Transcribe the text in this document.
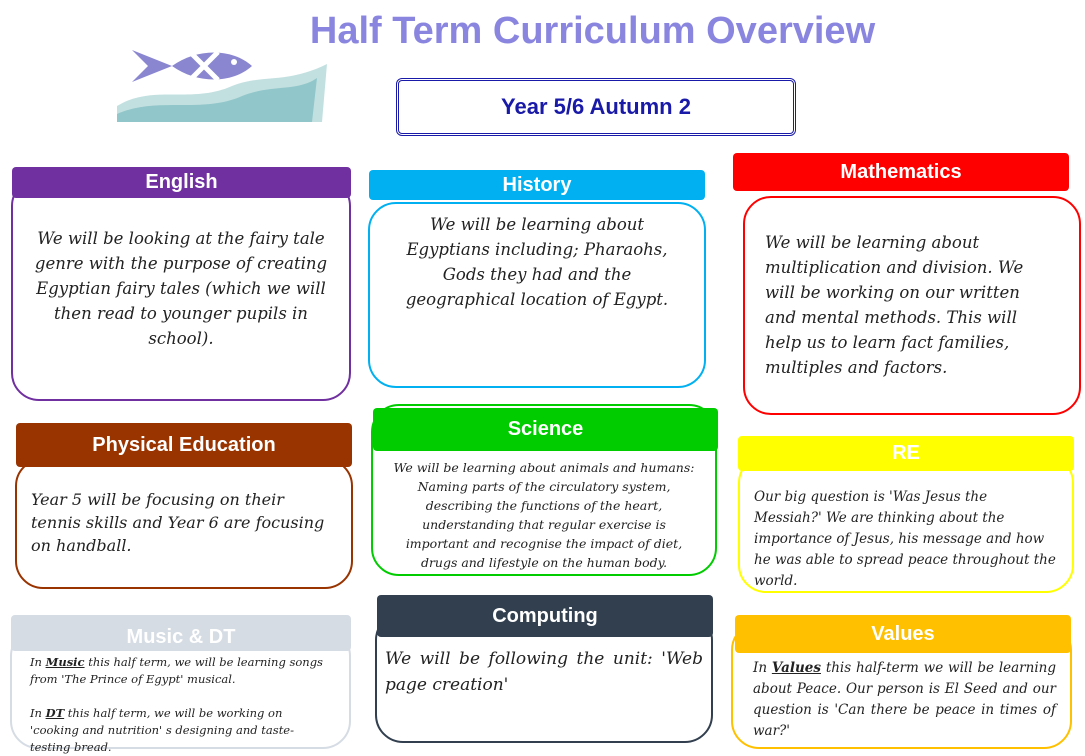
Half Term Curriculum Overview
Year 5/6 Autumn 2

We will be looking at the fairy tale genre with the purpose of creating Egyptian fairy tales (which we will then read to younger pupils in school).

English

We will be learning about Egyptians including; Pharaohs, Gods they had and the geographical location of Egypt.

History

We will be learning about multiplication and division. We will be working on our written and mental methods. This will help us to learn fact families, multiples and factors.

Mathematics

Year 5 will be focusing on their tennis skills and Year 6 are focusing on handball.

Physical Education

We will be learning about animals and humans: Naming parts of the circulatory system, describing the functions of the heart, understanding that regular exercise is important and recognise the impact of diet, drugs and lifestyle on the human body.

Science

Our big question is 'Was Jesus the Messiah?' We are thinking about the importance of Jesus, his message and how he was able to spread peace throughout the world.

RE

In Music this half term, we will be learning songs from 'The Prince of Egypt' musical.

In DT this half term, we will be working on 'cooking and nutrition' s designing and taste-testing bread.

Music & DT

We will be following the unit: 'Web page creation'

Computing

In Values this half-term we will be learning about Peace. Our person is El Seed and our question is 'Can there be peace in times of war?'

Values
